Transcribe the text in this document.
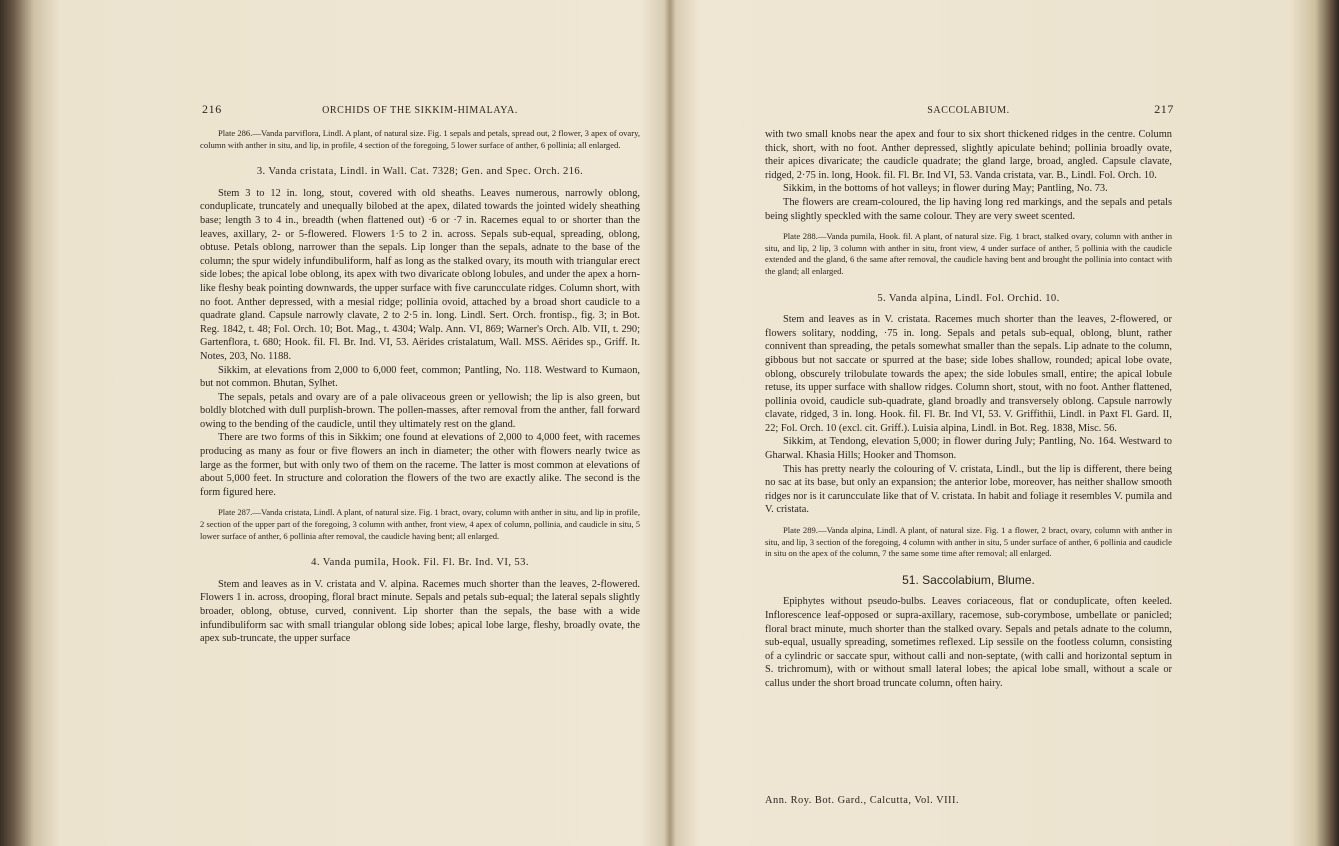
216	ORCHIDS OF THE SIKKIM-HIMALAYA.

Plate 286.—Vanda parviflora, Lindl. A plant, of natural size. Fig. 1 sepals and petals, spread out, 2 flower, 3 apex of ovary, column with anther in situ, and lip, in profile, 4 section of the foregoing, 5 lower surface of anther, 6 pollinia; all enlarged.

3. Vanda cristata, Lindl. in Wall. Cat. 7328; Gen. and Spec. Orch. 216.

Stem 3 to 12 in. long, stout, covered with old sheaths. Leaves numerous, narrowly oblong, conduplicate, truncately and unequally bilobed at the apex, dilated towards the jointed widely sheathing base; length 3 to 4 in., breadth (when flattened out) ·6 or ·7 in. Racemes equal to or shorter than the leaves, axillary, 2- or 5-flowered. Flowers 1·5 to 2 in. across. Sepals sub-equal, spreading, oblong, obtuse. Petals oblong, narrower than the sepals. Lip longer than the sepals, adnate to the base of the column; the spur widely infundibuliform, half as long as the stalked ovary, its mouth with triangular erect side lobes; the apical lobe oblong, its apex with two divaricate oblong lobules, and under the apex a horn-like fleshy beak pointing downwards, the upper surface with five caruncculate ridges. Column short, with no foot. Anther depressed, with a mesial ridge; pollinia ovoid, attached by a broad short caudicle to a quadrate gland. Capsule narrowly clavate, 2 to 2·5 in. long. Lindl. Sert. Orch. frontisp., fig. 3; in Bot. Reg. 1842, t. 48; Fol. Orch. 10; Bot. Mag., t. 4304; Walp. Ann. VI, 869; Warner's Orch. Alb. VII, t. 290; Gartenflora, t. 680; Hook. fil. Fl. Br. Ind. VI, 53. Aërides cristalatum, Wall. MSS. Aërides sp., Griff. It. Notes, 203, No. 1188.

Sikkim, at elevations from 2,000 to 6,000 feet, common; Pantling, No. 118. Westward to Kumaon, but not common. Bhutan, Sylhet.

The sepals, petals and ovary are of a pale olivaceous green or yellowish; the lip is also green, but boldly blotched with dull purplish-brown. The pollen-masses, after removal from the anther, fall forward owing to the bending of the caudicle, until they ultimately rest on the gland.

There are two forms of this in Sikkim; one found at elevations of 2,000 to 4,000 feet, with racemes producing as many as four or five flowers an inch in diameter; the other with flowers nearly twice as large as the former, but with only two of them on the raceme. The latter is most common at elevations of about 5,000 feet. In structure and coloration the flowers of the two are exactly alike. The second is the form figured here.

Plate 287.—Vanda cristata, Lindl. A plant, of natural size. Fig. 1 bract, ovary, column with anther in situ, and lip in profile, 2 section of the upper part of the foregoing, 3 column with anther, front view, 4 apex of column, pollinia, and caudicle in situ, 5 lower surface of anther, 6 pollinia after removal, the caudicle having bent; all enlarged.

4. Vanda pumila, Hook. Fil. Fl. Br. Ind. VI, 53.

Stem and leaves as in V. cristata and V. alpina. Racemes much shorter than the leaves, 2-flowered. Flowers 1 in. across, drooping, floral bract minute. Sepals and petals sub-equal; the lateral sepals slightly broader, oblong, obtuse, curved, connivent. Lip shorter than the sepals, the base with a wide infundibuliform sac with small triangular oblong side lobes; apical lobe large, fleshy, broadly ovate, the apex sub-truncate, the upper surface

SACCOLABIUM.	217

with two small knobs near the apex and four to six short thickened ridges in the centre. Column thick, short, with no foot. Anther depressed, slightly apiculate behind; pollinia broadly ovate, their apices divaricate; the caudicle quadrate; the gland large, broad, angled. Capsule clavate, ridged, 2·75 in. long, Hook. fil. Fl. Br. Ind VI, 53. Vanda cristata, var. B., Lindl. Fol. Orch. 10.

Sikkim, in the bottoms of hot valleys; in flower during May; Pantling, No. 73.

The flowers are cream-coloured, the lip having long red markings, and the sepals and petals being slightly speckled with the same colour. They are very sweet scented.

Plate 288.—Vanda pumila, Hook. fil. A plant, of natural size. Fig. 1 bract, stalked ovary, column with anther in situ, and lip, 2 lip, 3 column with anther in situ, front view, 4 under surface of anther, 5 pollinia with the caudicle extended and the gland, 6 the same after removal, the caudicle having bent and brought the pollinia into contact with the gland; all enlarged.

5. Vanda alpina, Lindl. Fol. Orchid. 10.

Stem and leaves as in V. cristata. Racemes much shorter than the leaves, 2-flowered, or flowers solitary, nodding, ·75 in. long. Sepals and petals sub-equal, oblong, blunt, rather connivent than spreading, the petals somewhat smaller than the sepals. Lip adnate to the column, gibbous but not saccate or spurred at the base; side lobes shallow, rounded; apical lobe ovate, oblong, obscurely trilobulate towards the apex; the side lobules small, entire; the apical lobule retuse, its upper surface with shallow ridges. Column short, stout, with no foot. Anther flattened, pollinia ovoid, caudicle sub-quadrate, gland broadly and transversely oblong. Capsule narrowly clavate, ridged, 3 in. long. Hook. fil. Fl. Br. Ind VI, 53. V. Griffithii, Lindl. in Paxt Fl. Gard. II, 22; Fol. Orch. 10 (excl. cit. Griff.). Luisia alpina, Lindl. in Bot. Reg. 1838, Misc. 56.

Sikkim, at Tendong, elevation 5,000; in flower during July; Pantling, No. 164. Westward to Gharwal. Khasia Hills; Hooker and Thomson.

This has pretty nearly the colouring of V. cristata, Lindl., but the lip is different, there being no sac at its base, but only an expansion; the anterior lobe, moreover, has neither shallow smooth ridges nor is it caruncculate like that of V. cristata. In habit and foliage it resembles V. pumila and V. cristata.

Plate 289.—Vanda alpina, Lindl. A plant, of natural size. Fig. 1 a flower, 2 bract, ovary, column with anther in situ, and lip, 3 section of the foregoing, 4 column with anther in situ, 5 under surface of anther, 6 pollinia and caudicle in situ on the apex of the column, 7 the same some time after removal; all enlarged.

51. Saccolabium, Blume.

Epiphytes without pseudo-bulbs. Leaves coriaceous, flat or conduplicate, often keeled. Inflorescence leaf-opposed or supra-axillary, racemose, sub-corymbose, umbellate or panicled; floral bract minute, much shorter than the stalked ovary. Sepals and petals adnate to the column, sub-equal, usually spreading, sometimes reflexed. Lip sessile on the footless column, consisting of a cylindric or saccate spur, without calli and non-septate, (with calli and horizontal septum in S. trichromum), with or without small lateral lobes; the apical lobe small, without a scale or callus under the short broad truncate column, often hairy.

Ann. Roy. Bot. Gard., Calcutta, Vol. VIII.
